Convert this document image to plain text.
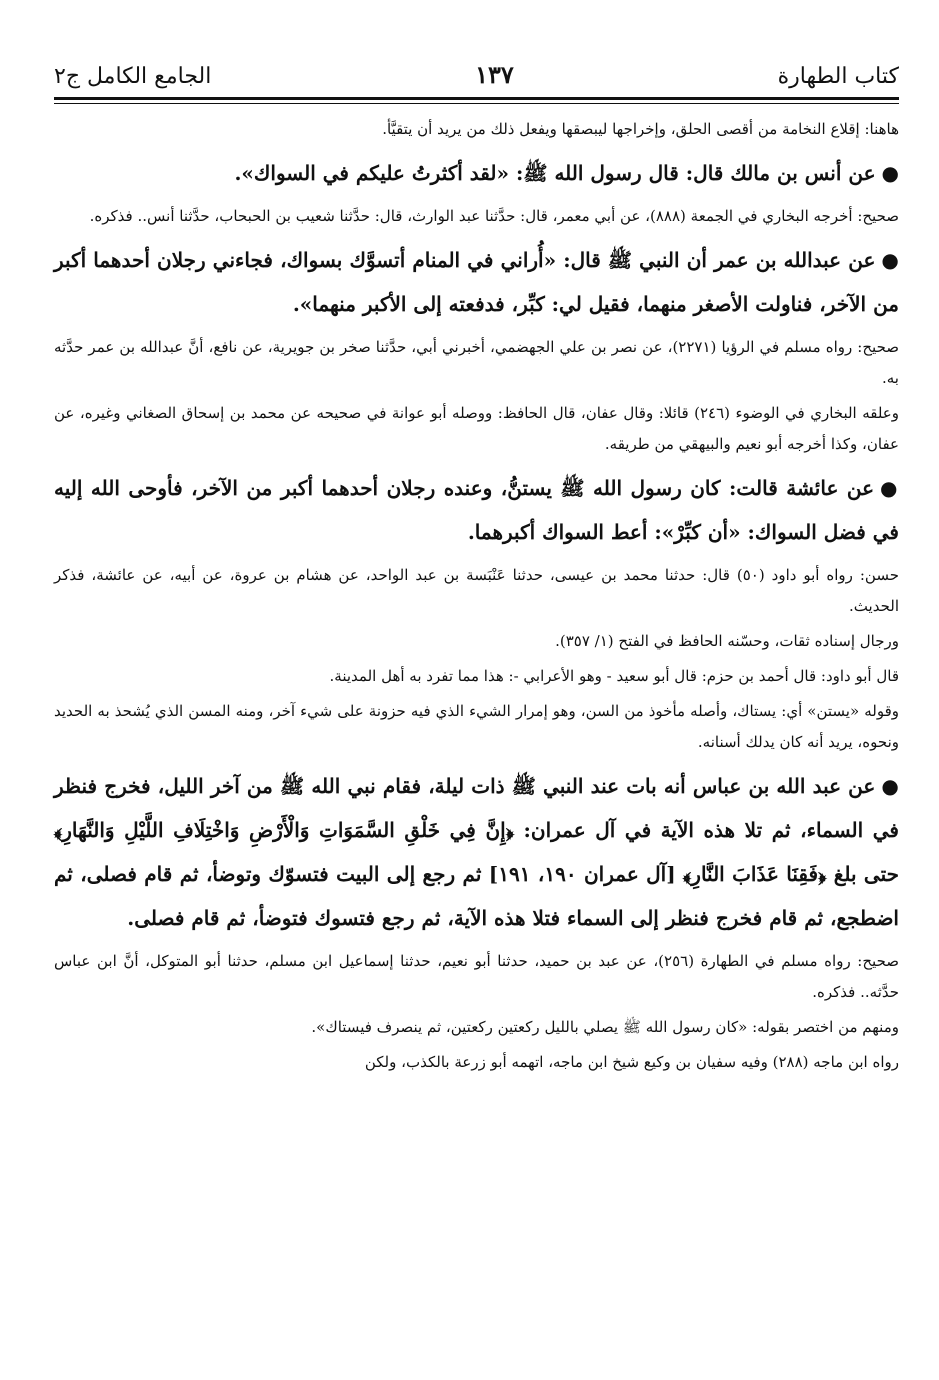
كتاب الطهارة
١٣٧
الجامع الكامل ج٢

هاهنا: إقلاع النخامة من أقصى الحلق، وإخراجها ليبصقها ويفعل ذلك من يريد أن يتقيَّأ.

●عن أنس بن مالك قال: قال رسول الله ﷺ: «لقد أكثرتُ عليكم في السواك».

صحيح: أخرجه البخاري في الجمعة (٨٨٨)، عن أبي معمر، قال: حدَّثنا عبد الوارث، قال: حدَّثنا شعيب بن الحبحاب، حدَّثنا أنس.. فذكره.

●عن عبدالله بن عمر أن النبي ﷺ قال: «أُراني في المنام أتسوَّك بسواك، فجاءني رجلان أحدهما أكبر من الآخر، فناولت الأصغر منهما، فقيل لي: كبِّر، فدفعته إلى الأكبر منهما».

صحيح: رواه مسلم في الرؤيا (٢٢٧١)، عن نصر بن علي الجهضمي، أخبرني أبي، حدَّثنا صخر بن جويرية، عن نافع، أنَّ عبدالله بن عمر حدَّثه به.

وعلقه البخاري في الوضوء (٢٤٦) قائلا: وقال عفان، قال الحافظ: ووصله أبو عوانة في صحيحه عن محمد بن إسحاق الصغاني وغيره، عن عفان، وكذا أخرجه أبو نعيم والبيهقي من طريقه.

●عن عائشة قالت: كان رسول الله ﷺ يستنُّ، وعنده رجلان أحدهما أكبر من الآخر، فأوحى الله إليه في فضل السواك: «أن كبِّرْ»: أعط السواك أكبرهما.

حسن: رواه أبو داود (٥٠) قال: حدثنا محمد بن عيسى، حدثنا عَنْبَسة بن عبد الواحد، عن هشام بن عروة، عن أبيه، عن عائشة، فذكر الحديث.

ورجال إسناده ثقات، وحسّنه الحافظ في الفتح (١/ ٣٥٧).

قال أبو داود: قال أحمد بن حزم: قال أبو سعيد - وهو الأعرابي -: هذا مما تفرد به أهل المدينة.

وقوله «يستن» أي: يستاك، وأصله مأخوذ من السن، وهو إمرار الشيء الذي فيه حزونة على شيء آخر، ومنه المسن الذي يُشحذ به الحديد ونحوه، يريد أنه كان يدلك أسنانه.

●عن عبد الله بن عباس أنه بات عند النبي ﷺ ذات ليلة، فقام نبي الله ﷺ من آخر الليل، فخرج فنظر في السماء، ثم تلا هذه الآية في آل عمران: ﴿إِنَّ فِي خَلْقِ السَّمَوَاتِ وَالْأَرْضِ وَاخْتِلَافِ اللَّيْلِ وَالنَّهَارِ﴾ حتى بلغ ﴿فَقِنَا عَذَابَ النَّارِ﴾ [آل عمران ١٩٠، ١٩١] ثم رجع إلى البيت فتسوّك وتوضأ، ثم قام فصلى، ثم اضطجع، ثم قام فخرج فنظر إلى السماء فتلا هذه الآية، ثم رجع فتسوك فتوضأ، ثم قام فصلى.

صحيح: رواه مسلم في الطهارة (٢٥٦)، عن عبد بن حميد، حدثنا أبو نعيم، حدثنا إسماعيل ابن مسلم، حدثنا أبو المتوكل، أنَّ ابن عباس حدَّثه.. فذكره.

ومنهم من اختصر بقوله: «كان رسول الله ﷺ يصلي بالليل ركعتين ركعتين، ثم ينصرف فيستاك».

رواه ابن ماجه (٢٨٨) وفيه سفيان بن وكيع شيخ ابن ماجه، اتهمه أبو زرعة بالكذب، ولكن
